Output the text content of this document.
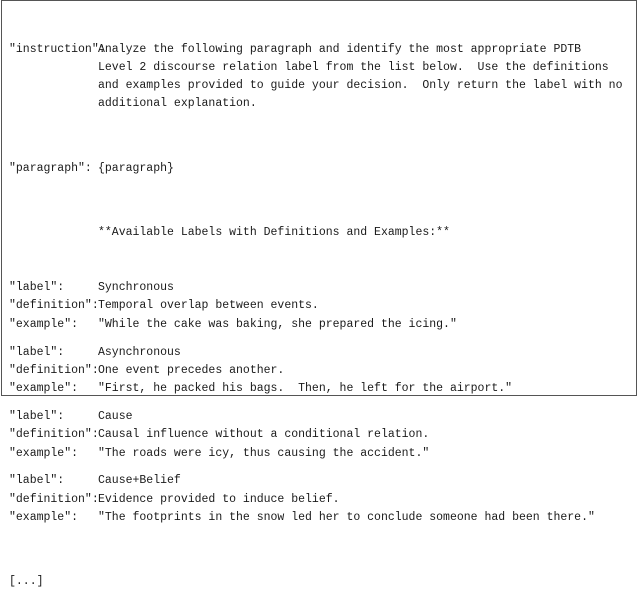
"instruction":
Analyze the following paragraph and identify the most appropriate PDTB
Level 2 discourse relation label from the list below.  Use the definitions
and examples provided to guide your decision.  Only return the label with no
additional explanation.

"paragraph": {paragraph}

**Available Labels with Definitions and Examples:**

"label":	Synchronous
"definition": Temporal overlap between events.
"example":	"While the cake was baking, she prepared the icing."
"label":	Asynchronous
"definition": One event precedes another.
"example":	"First, he packed his bags.  Then, he left for the airport."
"label":	Cause
"definition": Causal influence without a conditional relation.
"example":	"The roads were icy, thus causing the accident."
"label":	Cause+Belief
"definition": Evidence provided to induce belief.
"example":	"The footprints in the snow led her to conclude someone had been there."

[...]
